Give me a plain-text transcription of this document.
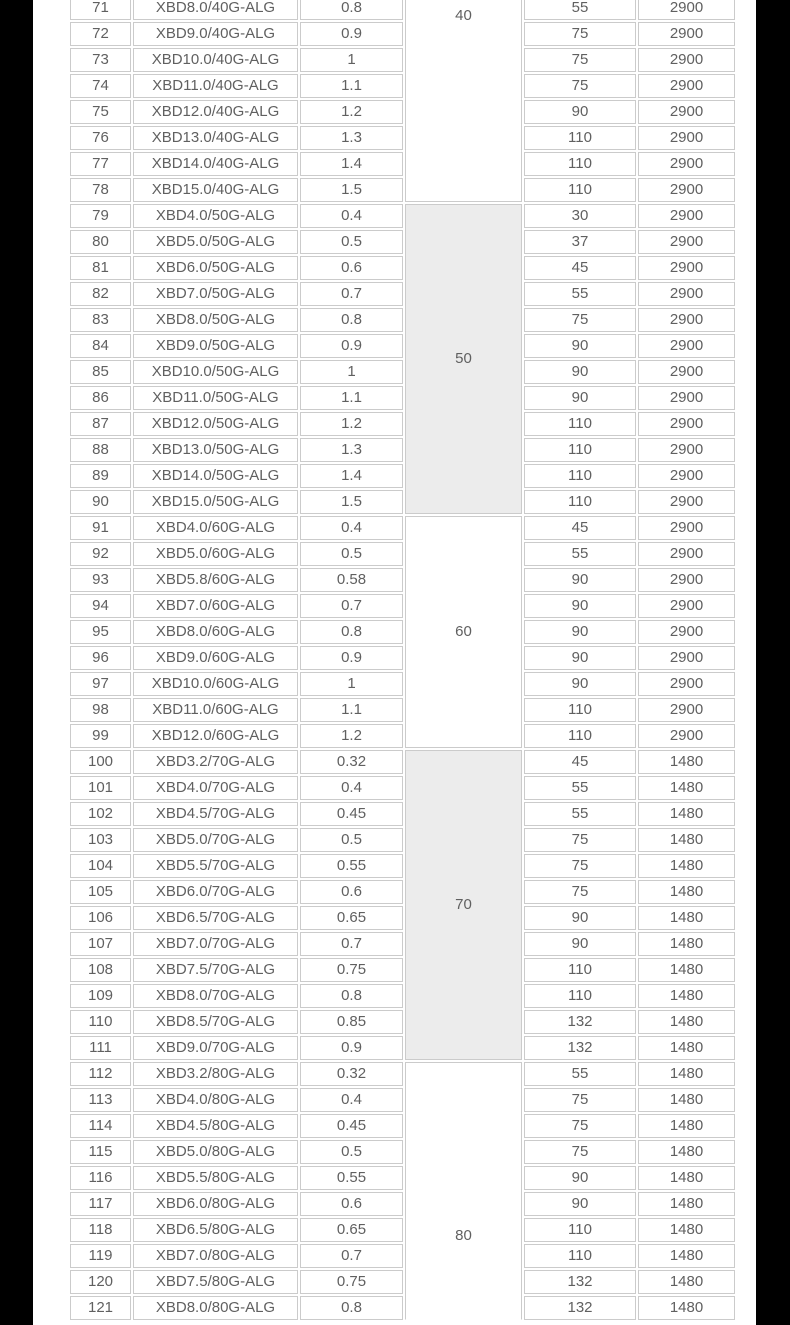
71	XBD8.0/40G-ALG	0.8	40	55	2900
72	XBD9.0/40G-ALG	0.9		75	2900
73	XBD10.0/40G-ALG	1		75	2900
74	XBD11.0/40G-ALG	1.1		75	2900
75	XBD12.0/40G-ALG	1.2		90	2900
76	XBD13.0/40G-ALG	1.3		110	2900
77	XBD14.0/40G-ALG	1.4		110	2900
78	XBD15.0/40G-ALG	1.5		110	2900
79	XBD4.0/50G-ALG	0.4	50	30	2900
80	XBD5.0/50G-ALG	0.5		37	2900
81	XBD6.0/50G-ALG	0.6		45	2900
82	XBD7.0/50G-ALG	0.7		55	2900
83	XBD8.0/50G-ALG	0.8		75	2900
84	XBD9.0/50G-ALG	0.9		90	2900
85	XBD10.0/50G-ALG	1		90	2900
86	XBD11.0/50G-ALG	1.1		90	2900
87	XBD12.0/50G-ALG	1.2		110	2900
88	XBD13.0/50G-ALG	1.3		110	2900
89	XBD14.0/50G-ALG	1.4		110	2900
90	XBD15.0/50G-ALG	1.5		110	2900
91	XBD4.0/60G-ALG	0.4	60	45	2900
92	XBD5.0/60G-ALG	0.5		55	2900
93	XBD5.8/60G-ALG	0.58		90	2900
94	XBD7.0/60G-ALG	0.7		90	2900
95	XBD8.0/60G-ALG	0.8		90	2900
96	XBD9.0/60G-ALG	0.9		90	2900
97	XBD10.0/60G-ALG	1		90	2900
98	XBD11.0/60G-ALG	1.1		110	2900
99	XBD12.0/60G-ALG	1.2		110	2900
100	XBD3.2/70G-ALG	0.32	70	45	1480
101	XBD4.0/70G-ALG	0.4		55	1480
102	XBD4.5/70G-ALG	0.45		55	1480
103	XBD5.0/70G-ALG	0.5		75	1480
104	XBD5.5/70G-ALG	0.55		75	1480
105	XBD6.0/70G-ALG	0.6		75	1480
106	XBD6.5/70G-ALG	0.65		90	1480
107	XBD7.0/70G-ALG	0.7		90	1480
108	XBD7.5/70G-ALG	0.75		110	1480
109	XBD8.0/70G-ALG	0.8		110	1480
110	XBD8.5/70G-ALG	0.85		132	1480
111	XBD9.0/70G-ALG	0.9		132	1480
112	XBD3.2/80G-ALG	0.32	80	55	1480
113	XBD4.0/80G-ALG	0.4		75	1480
114	XBD4.5/80G-ALG	0.45		75	1480
115	XBD5.0/80G-ALG	0.5		75	1480
116	XBD5.5/80G-ALG	0.55		90	1480
117	XBD6.0/80G-ALG	0.6		90	1480
118	XBD6.5/80G-ALG	0.65		110	1480
119	XBD7.0/80G-ALG	0.7		110	1480
120	XBD7.5/80G-ALG	0.75		132	1480
121	XBD8.0/80G-ALG	0.8		132	1480
